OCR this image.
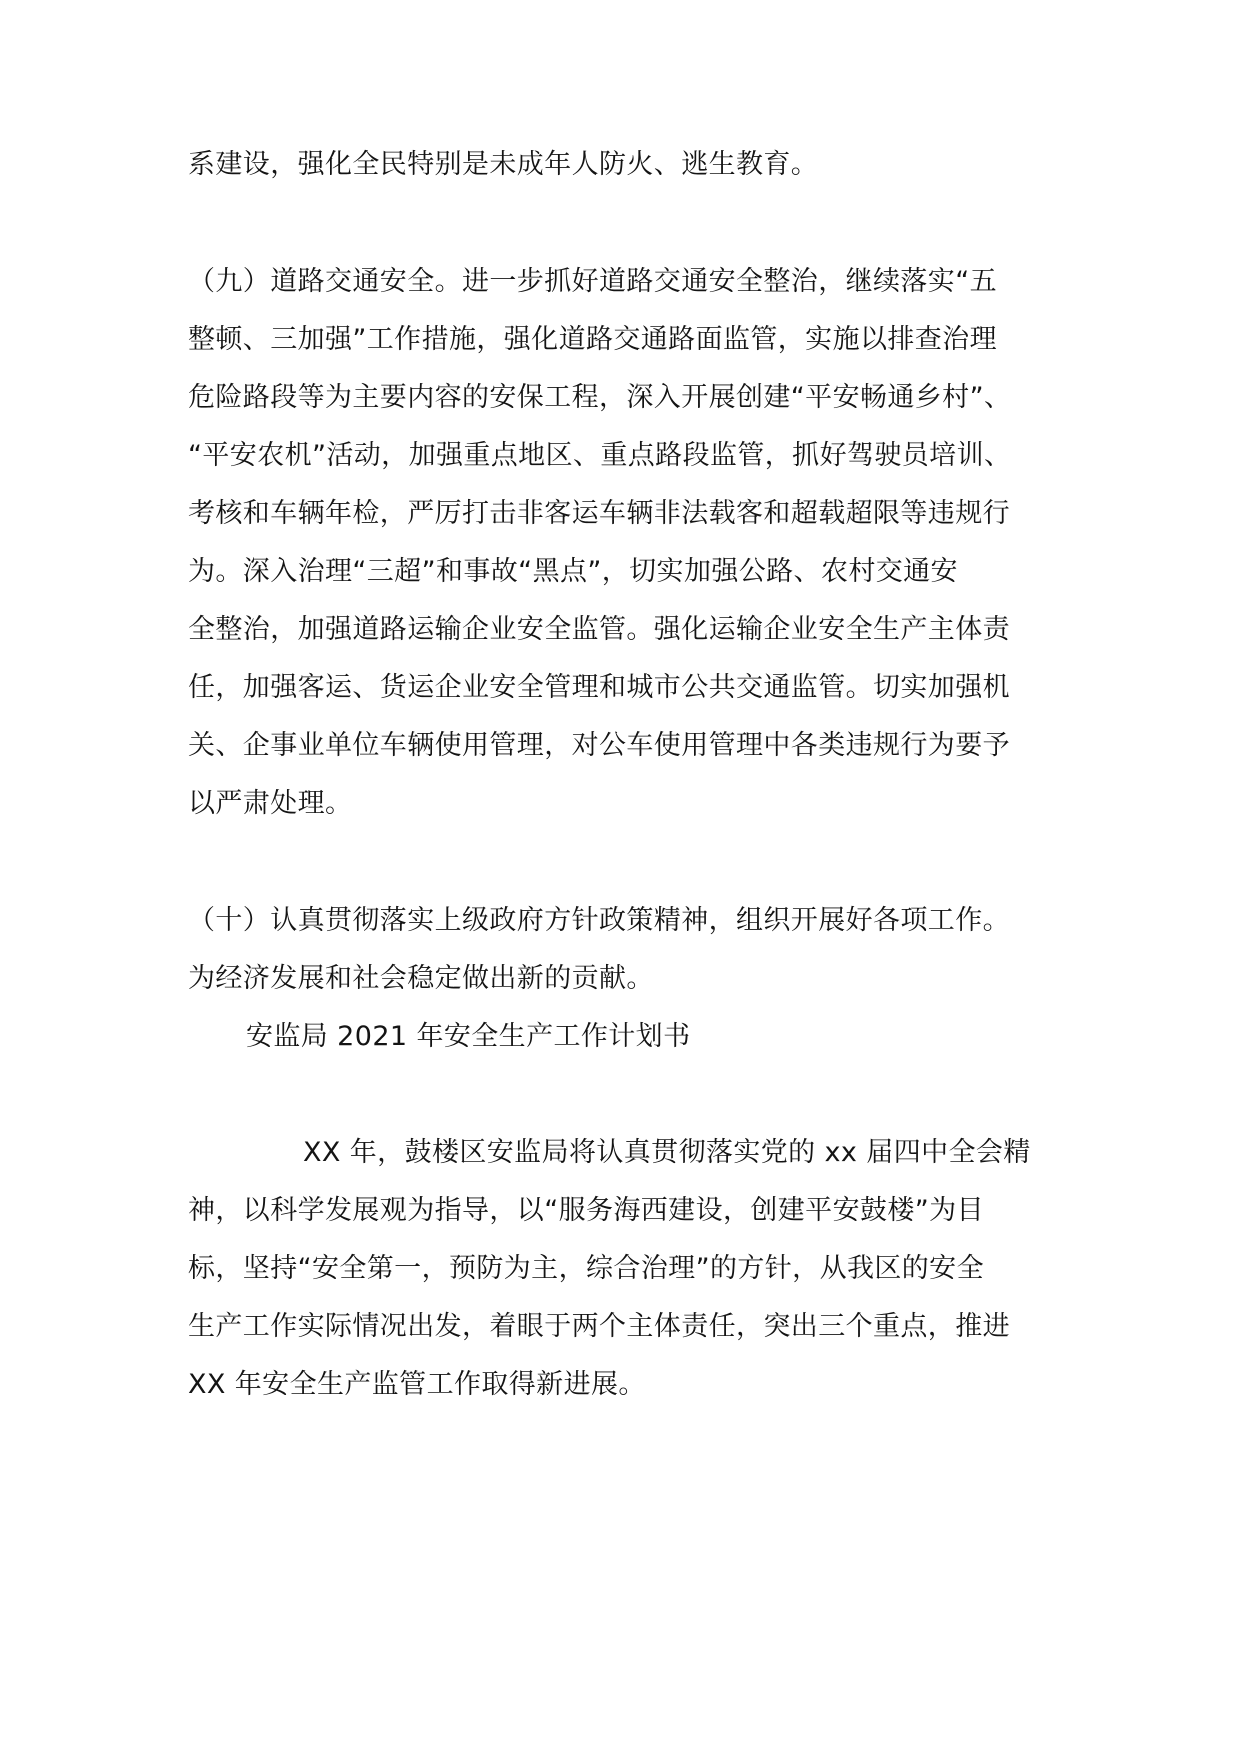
系建设，强化全民特别是未成年人防火、逃生教育。
（九）道路交通安全。进一步抓好道路交通安全整治，继续落实“五
整顿、三加强”工作措施，强化道路交通路面监管，实施以排查治理
危险路段等为主要内容的安保工程，深入开展创建“平安畅通乡村”、
“平安农机”活动，加强重点地区、重点路段监管，抓好驾驶员培训、
考核和车辆年检，严厉打击非客运车辆非法载客和超载超限等违规行
为。深入治理“三超”和事故“黑点”，切实加强公路、农村交通安
全整治，加强道路运输企业安全监管。强化运输企业安全生产主体责
任，加强客运、货运企业安全管理和城市公共交通监管。切实加强机
关、企事业单位车辆使用管理，对公车使用管理中各类违规行为要予
以严肃处理。
（十）认真贯彻落实上级政府方针政策精神，组织开展好各项工作。
为经济发展和社会稳定做出新的贡献。
安监局 2021 年安全生产工作计划书
XX 年，鼓楼区安监局将认真贯彻落实党的 xx 届四中全会精
神，以科学发展观为指导，以“服务海西建设，创建平安鼓楼”为目
标，坚持“安全第一，预防为主，综合治理”的方针，从我区的安全
生产工作实际情况出发，着眼于两个主体责任，突出三个重点，推进
XX 年安全生产监管工作取得新进展。
